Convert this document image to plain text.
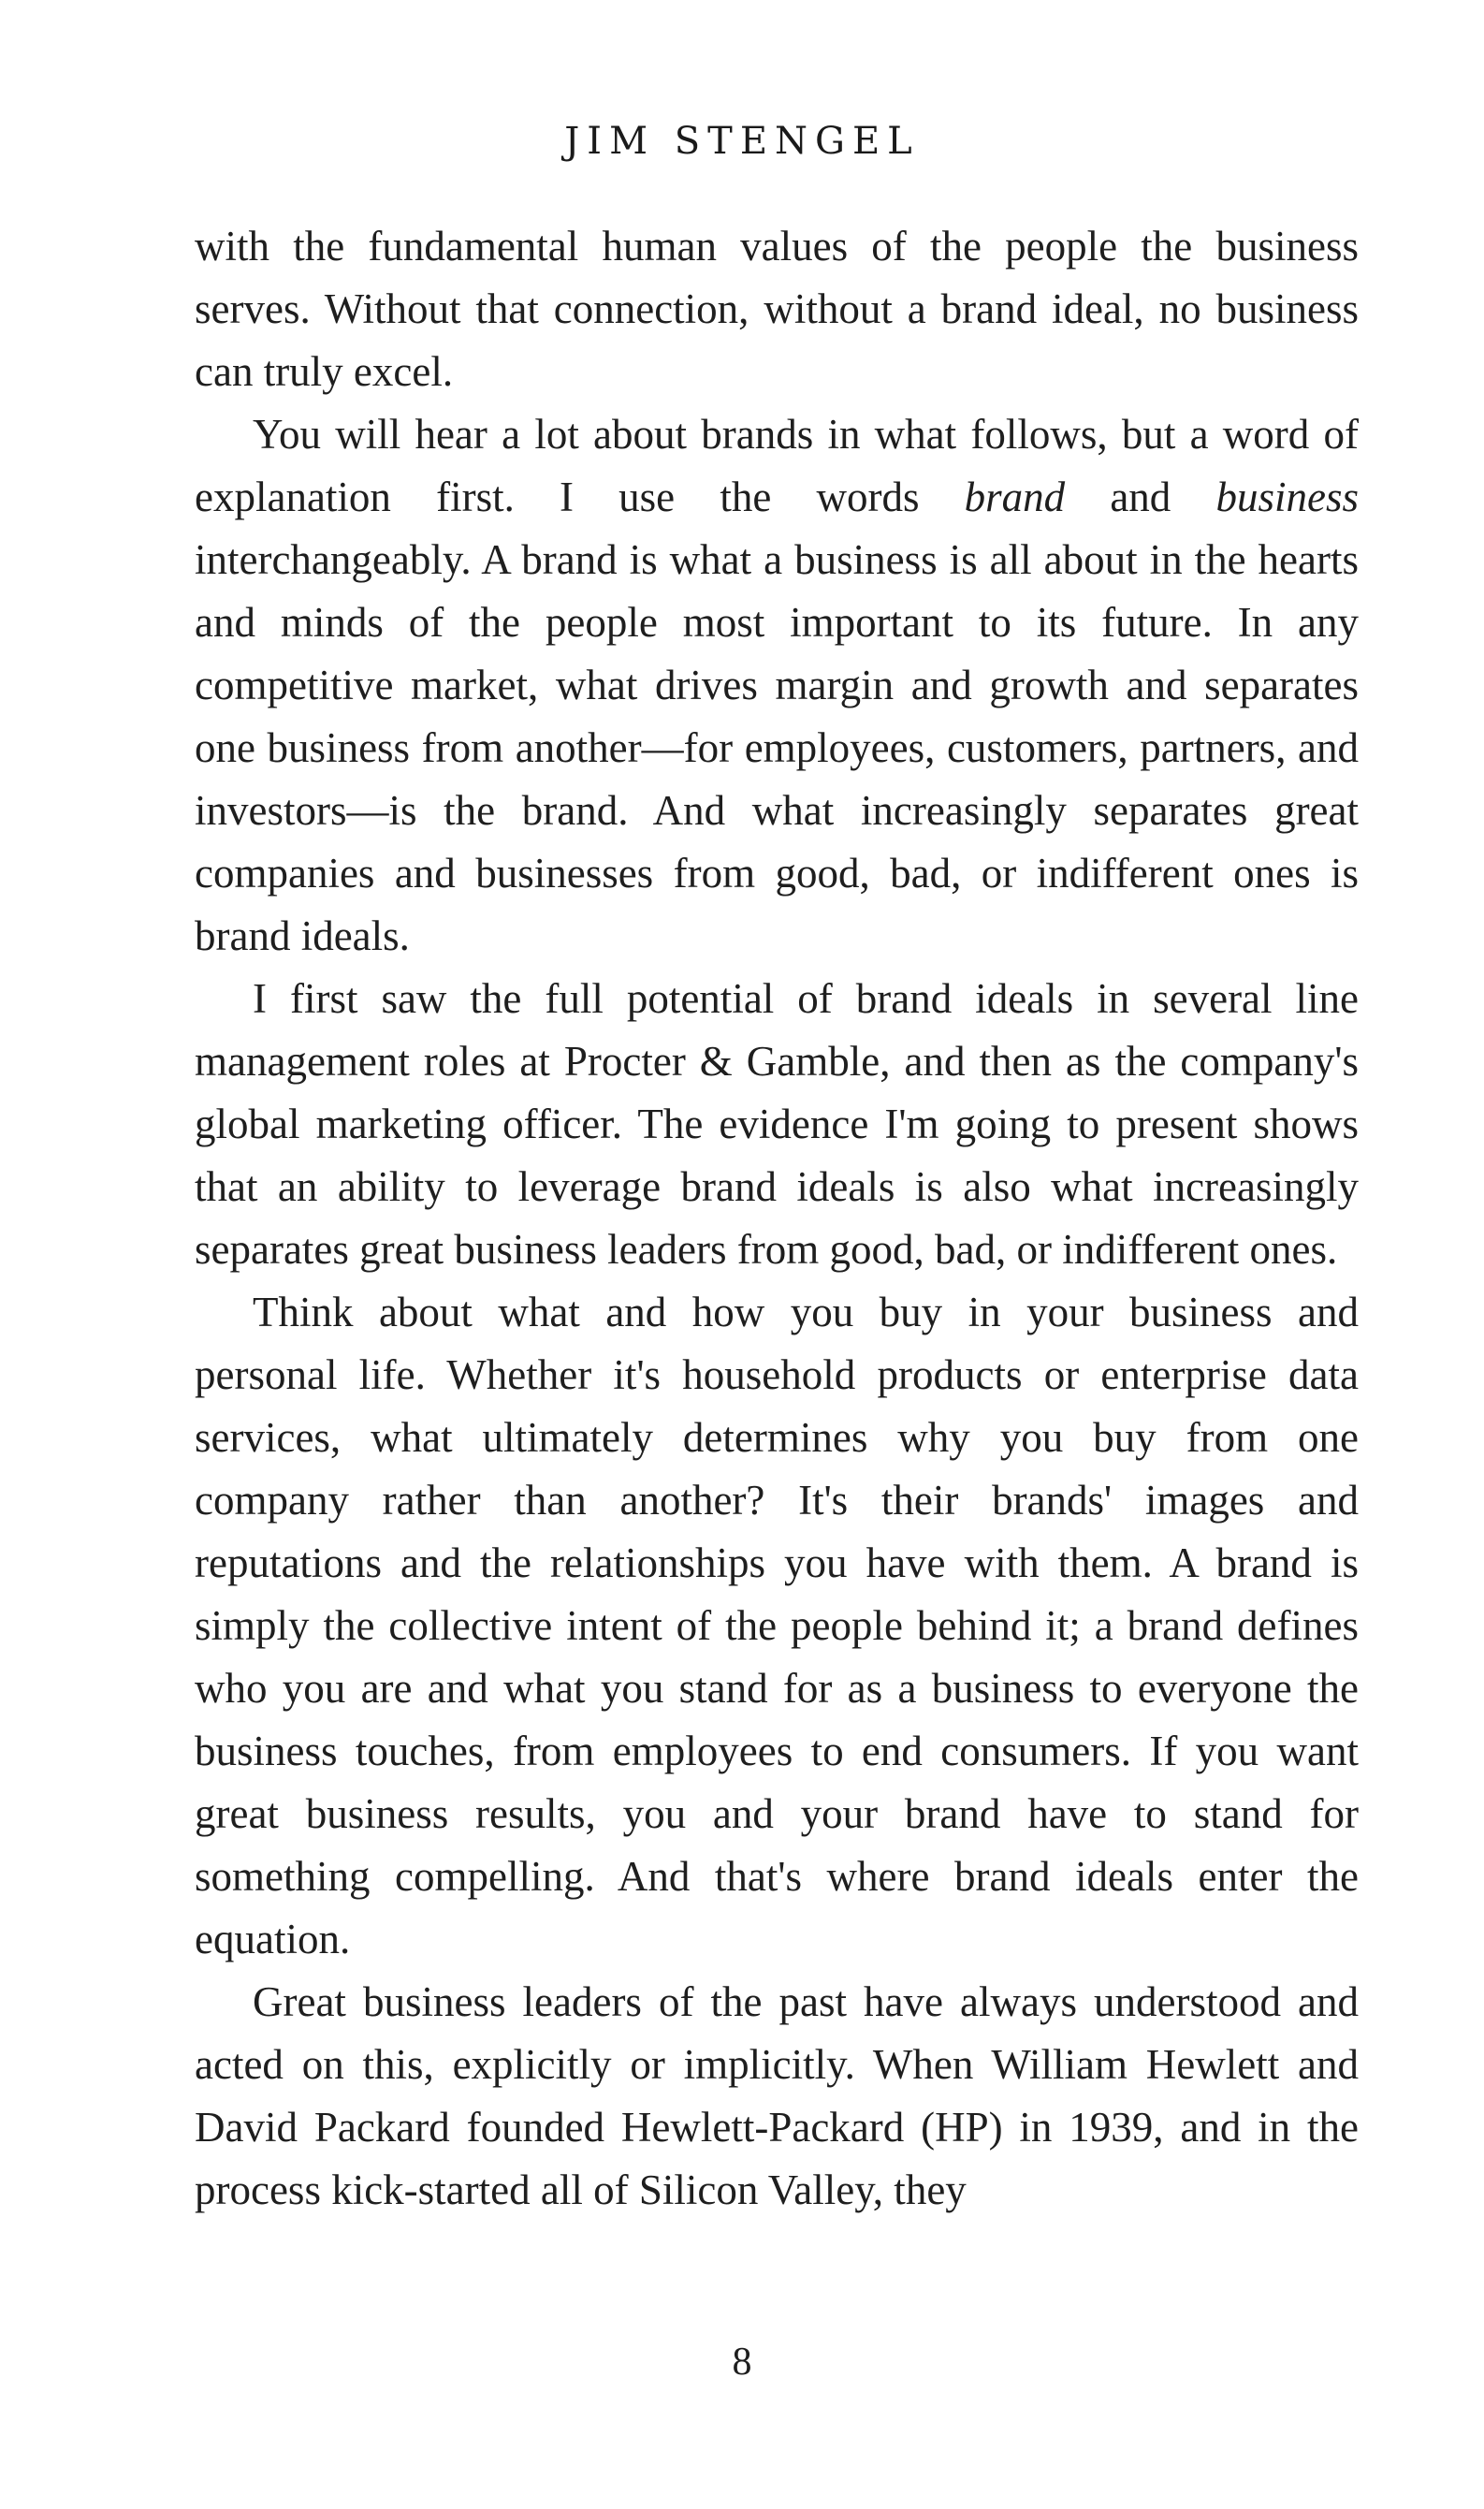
JIM STENGEL

with the fundamental human values of the people the business serves. Without that connection, without a brand ideal, no business can truly excel.

You will hear a lot about brands in what follows, but a word of explanation first. I use the words brand and business interchangeably. A brand is what a business is all about in the hearts and minds of the people most important to its future. In any competitive market, what drives margin and growth and separates one business from another—for employees, customers, partners, and investors—is the brand. And what increasingly separates great companies and businesses from good, bad, or indifferent ones is brand ideals.

I first saw the full potential of brand ideals in several line management roles at Procter & Gamble, and then as the company's global marketing officer. The evidence I'm going to present shows that an ability to leverage brand ideals is also what increasingly separates great business leaders from good, bad, or indifferent ones.

Think about what and how you buy in your business and personal life. Whether it's household products or enterprise data services, what ultimately determines why you buy from one company rather than another? It's their brands' images and reputations and the relationships you have with them. A brand is simply the collective intent of the people behind it; a brand defines who you are and what you stand for as a business to everyone the business touches, from employees to end consumers. If you want great business results, you and your brand have to stand for something compelling. And that's where brand ideals enter the equation.

Great business leaders of the past have always understood and acted on this, explicitly or implicitly. When William Hewlett and David Packard founded Hewlett-Packard (HP) in 1939, and in the process kick-started all of Silicon Valley, they

8
